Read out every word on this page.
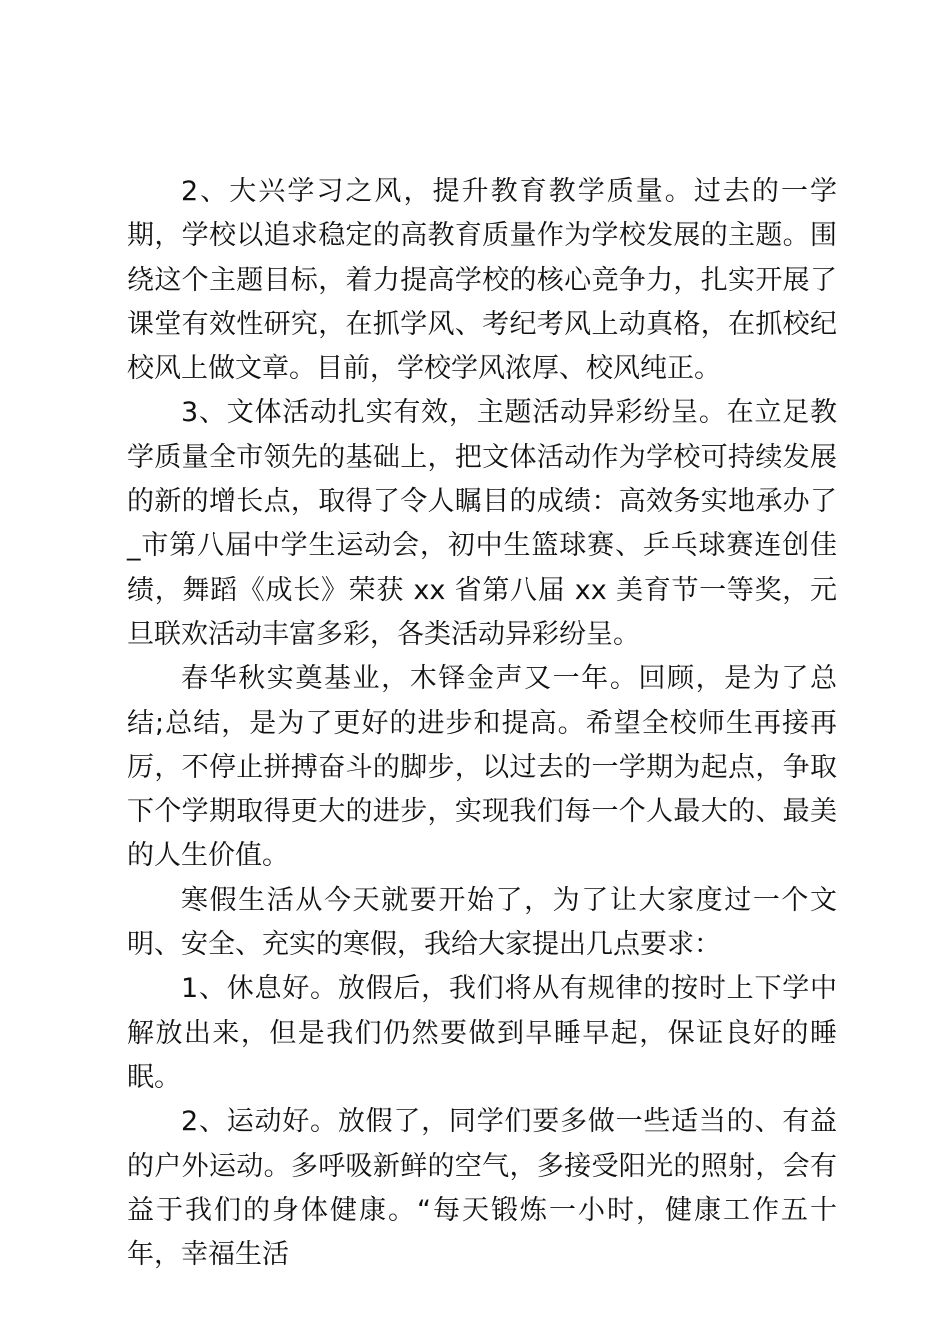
2、大兴学习之风，提升教育教学质量。过去的一学期，学校以追求稳定的高教育质量作为学校发展的主题。围绕这个主题目标，着力提高学校的核心竞争力，扎实开展了课堂有效性研究，在抓学风、考纪考风上动真格，在抓校纪校风上做文章。目前，学校学风浓厚、校风纯正。

3、文体活动扎实有效，主题活动异彩纷呈。在立足教学质量全市领先的基础上，把文体活动作为学校可持续发展的新的增长点，取得了令人瞩目的成绩：高效务实地承办了_市第八届中学生运动会，初中生篮球赛、乒乓球赛连创佳绩，舞蹈《成长》荣获 xx 省第八届 xx 美育节一等奖，元旦联欢活动丰富多彩，各类活动异彩纷呈。

春华秋实奠基业，木铎金声又一年。回顾，是为了总结;总结，是为了更好的进步和提高。希望全校师生再接再厉，不停止拼搏奋斗的脚步，以过去的一学期为起点，争取下个学期取得更大的进步，实现我们每一个人最大的、最美的人生价值。

寒假生活从今天就要开始了，为了让大家度过一个文明、安全、充实的寒假，我给大家提出几点要求：

1、休息好。放假后，我们将从有规律的按时上下学中解放出来，但是我们仍然要做到早睡早起，保证良好的睡眠。

2、运动好。放假了，同学们要多做一些适当的、有益的户外运动。多呼吸新鲜的空气，多接受阳光的照射，会有益于我们的身体健康。“每天锻炼一小时，健康工作五十年，幸福生活
